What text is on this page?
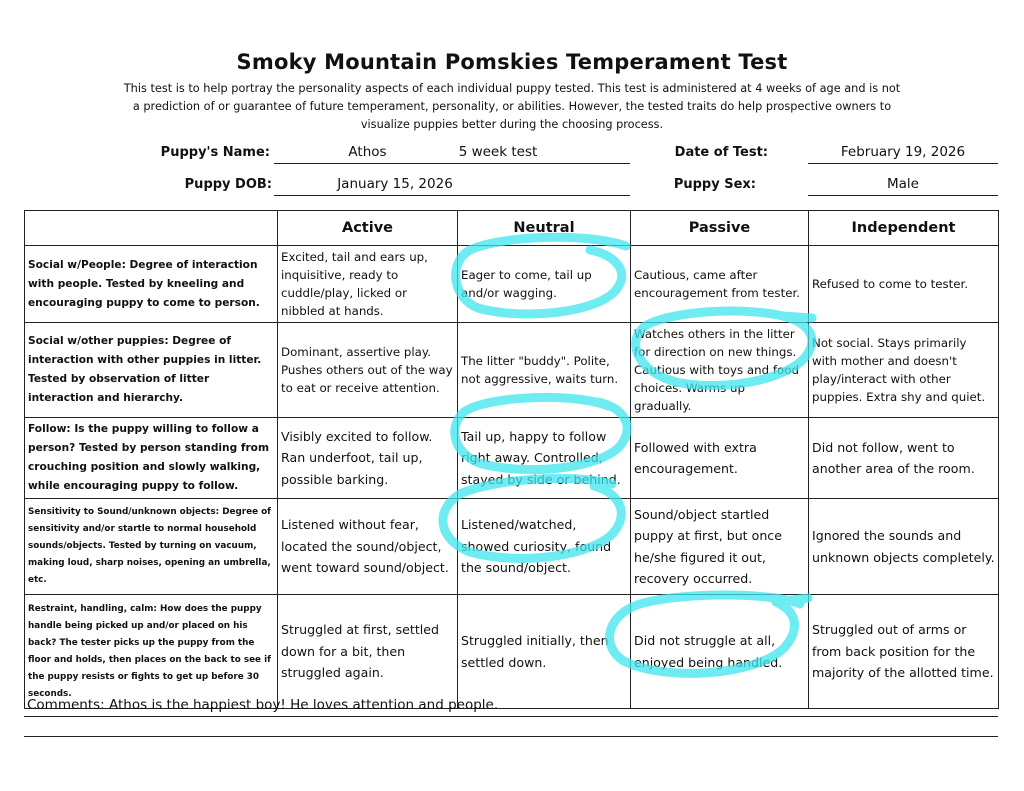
Smoky Mountain Pomskies Temperament Test
This test is to help portray the personality aspects of each individual puppy tested. This test is administered at 4 weeks of age and is not a prediction of or guarantee of future temperament, personality, or abilities. However, the tested traits do help prospective owners to visualize puppies better during the choosing process.
Puppy's Name:	Athos	5 week test	Date of Test:	February 19, 2026
Puppy DOB:	January 15, 2026	Puppy Sex:	Male
	Active	Neutral	Passive	Independent
Social w/People: Degree of interaction with people. Tested by kneeling and encouraging puppy to come to person.	Excited, tail and ears up, inquisitive, ready to cuddle/play, licked or nibbled at hands.	Eager to come, tail up and/or wagging.	Cautious, came after encouragement from tester.	Refused to come to tester.
Social w/other puppies: Degree of interaction with other puppies in litter. Tested by observation of litter interaction and hierarchy.	Dominant, assertive play. Pushes others out of the way to eat or receive attention.	The litter "buddy". Polite, not aggressive, waits turn.	Watches others in the litter for direction on new things. Cautious with toys and food choices. Warms up gradually.	Not social. Stays primarily with mother and doesn't play/interact with other puppies. Extra shy and quiet.
Follow: Is the puppy willing to follow a person? Tested by person standing from crouching position and slowly walking, while encouraging puppy to follow.	Visibly excited to follow. Ran underfoot, tail up, possible barking.	Tail up, happy to follow right away. Controlled, stayed by side or behind.	Followed with extra encouragement.	Did not follow, went to another area of the room.
Sensitivity to Sound/unknown objects: Degree of sensitivity and/or startle to normal household sounds/objects. Tested by turning on vacuum, making loud, sharp noises, opening an umbrella, etc.	Listened without fear, located the sound/object, went toward sound/object.	Listened/watched, showed curiosity, found the sound/object.	Sound/object startled puppy at first, but once he/she figured it out, recovery occurred.	Ignored the sounds and unknown objects completely.
Restraint, handling, calm: How does the puppy handle being picked up and/or placed on his back? The tester picks up the puppy from the floor and holds, then places on the back to see if the puppy resists or fights to get up before 30 seconds.	Struggled at first, settled down for a bit, then struggled again.	Struggled initially, then settled down.	Did not struggle at all, enjoyed being handled.	Struggled out of arms or from back position for the majority of the allotted time.
Comments: Athos is the happiest boy! He loves attention and people.
